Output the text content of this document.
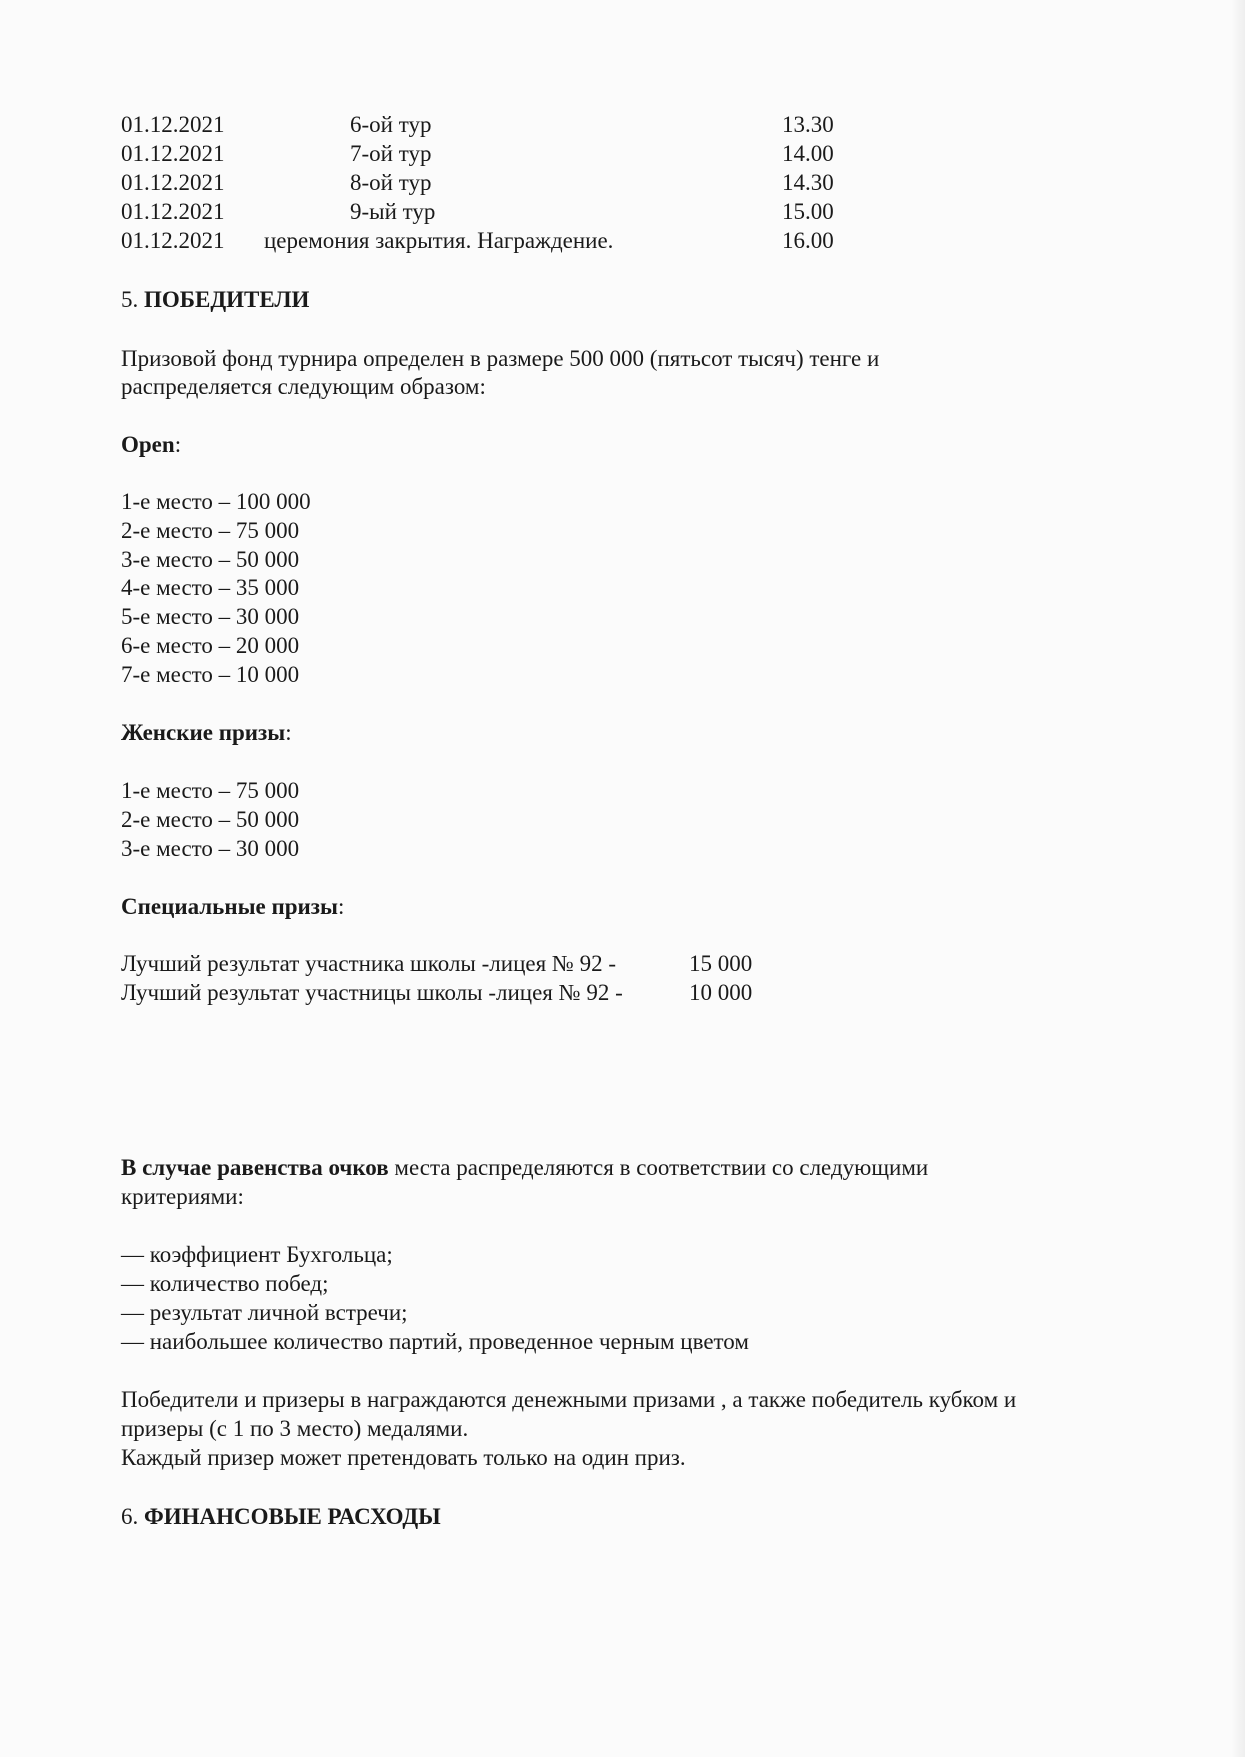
01.12.2021	6-ой тур	13.30
01.12.2021	7-ой тур	14.00
01.12.2021	8-ой тур	14.30
01.12.2021	9-ый тур	15.00
01.12.2021 церемония закрытия. Награждение.	16.00
5. ПОБЕДИТЕЛИ
Призовой фонд турнира определен в размере 500 000 (пятьсот тысяч) тенге и
распределяется следующим образом:
Open:
1-е место – 100 000
2-е место – 75 000
3-е место – 50 000
4-е место – 35 000
5-е место – 30 000
6-е место – 20 000
7-е место – 10 000
Женские призы:
1-е место – 75 000
2-е место – 50 000
3-е место – 30 000
Специальные призы:
Лучший результат участника школы -лицея № 92 -	15 000
Лучший результат участницы школы -лицея № 92 -	10 000
В случае равенства очков места распределяются в соответствии со следующими
критериями:
— коэффициент Бухгольца;
— количество побед;
— результат личной встречи;
— наибольшее количество партий, проведенное черным цветом
Победители и призеры в награждаются денежными призами , а также победитель кубком и
призеры (с 1 по 3 место) медалями.
Каждый призер может претендовать только на один приз.
6. ФИНАНСОВЫЕ РАСХОДЫ
